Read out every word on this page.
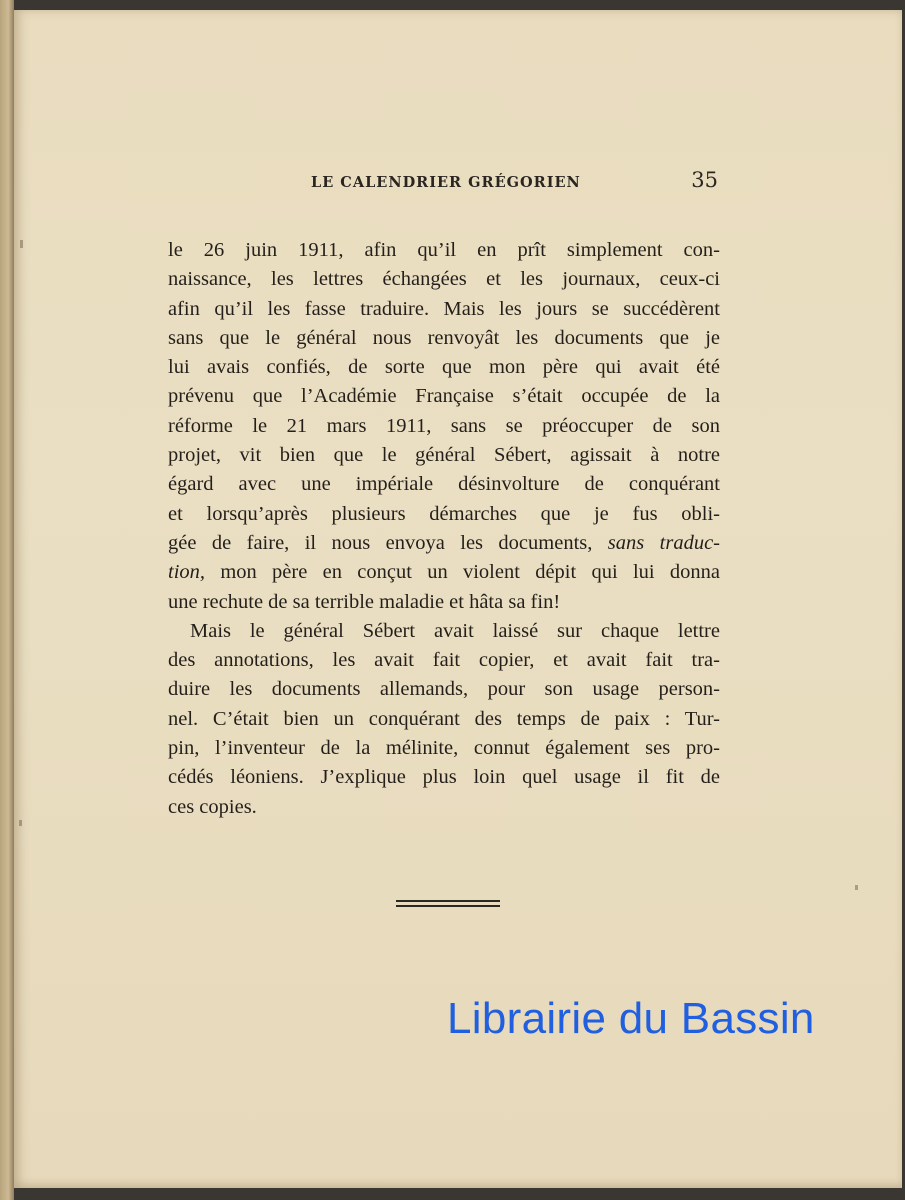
LE CALENDRIER GRÉGORIEN	35
le 26 juin 1911, afin qu’il en prît simplement con-
naissance, les lettres échangées et les journaux, ceux-ci
afin qu’il les fasse traduire. Mais les jours se succédèrent
sans que le général nous renvoyât les documents que je
lui avais confiés, de sorte que mon père qui avait été
prévenu que l’Académie Française s’était occupée de la
réforme le 21 mars 1911, sans se préoccuper de son
projet, vit bien que le général Sébert, agissait à notre
égard avec une impériale désinvolture de conquérant
et lorsqu’après plusieurs démarches que je fus obli-
gée de faire, il nous envoya les documents, sans traduc-
tion, mon père en conçut un violent dépit qui lui donna
une rechute de sa terrible maladie et hâta sa fin!
Mais le général Sébert avait laissé sur chaque lettre
des annotations, les avait fait copier, et avait fait tra-
duire les documents allemands, pour son usage person-
nel. C’était bien un conquérant des temps de paix : Tur-
pin, l’inventeur de la mélinite, connut également ses pro-
cédés léoniens. J’explique plus loin quel usage il fit de
ces copies.
Librairie du Bassin
